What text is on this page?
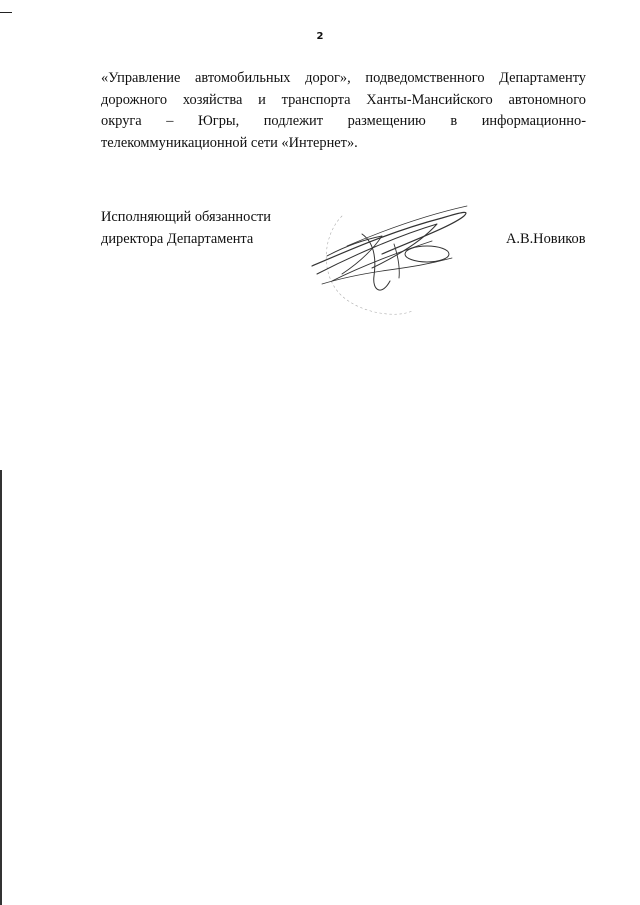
2

«Управление автомобильных дорог», подведомственного Департаменту
дорожного хозяйства и транспорта Ханты-Мансийского автономного
округа – Югры, подлежит размещению в информационно-
телекоммуникационной сети «Интернет».

Исполняющий обязанности
директора Департамента	А.В.Новиков
